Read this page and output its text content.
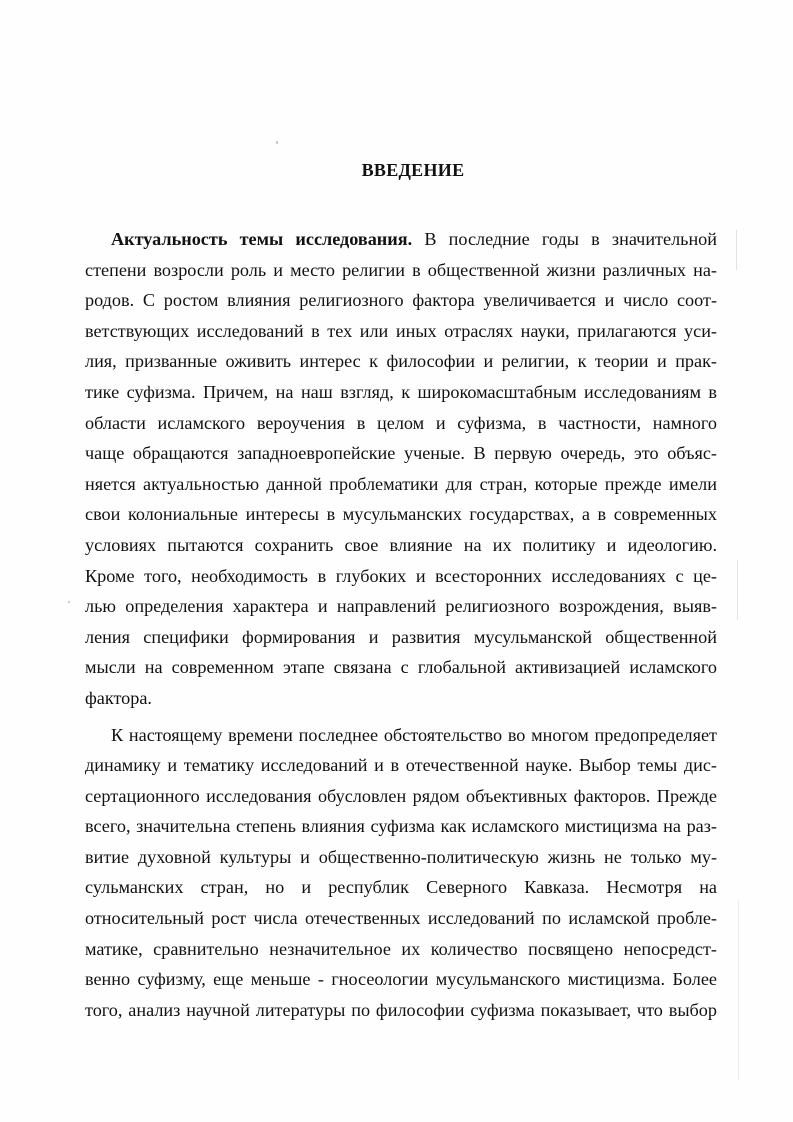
ВВЕДЕНИЕ
Актуальность темы исследования. В последние годы в значительной
степени возросли роль и место религии в общественной жизни различных на-
родов. С ростом влияния религиозного фактора увеличивается и число соот-
ветствующих исследований в тех или иных отраслях науки, прилагаются уси-
лия, призванные оживить интерес к философии и религии, к теории и прак-
тике суфизма. Причем, на наш взгляд, к широкомасштабным исследованиям в
области исламского вероучения в целом и суфизма, в частности, намного
чаще обращаются западноевропейские ученые. В первую очередь, это объяс-
няется актуальностью данной проблематики для стран, которые прежде имели
свои колониальные интересы в мусульманских государствах, а в современных
условиях пытаются сохранить свое влияние на их политику и идеологию.
Кроме того, необходимость в глубоких и всесторонних исследованиях с це-
лью определения характера и направлений религиозного возрождения, выяв-
ления специфики формирования и развития мусульманской общественной
мысли на современном этапе связана с глобальной активизацией исламского
фактора.
К настоящему времени последнее обстоятельство во многом предопределяет
динамику и тематику исследований и в отечественной науке. Выбор темы дис-
сертационного исследования обусловлен рядом объективных факторов. Прежде
всего, значительна степень влияния суфизма как исламского мистицизма на раз-
витие духовной культуры и общественно-политическую жизнь не только му-
сульманских стран, но и республик Северного Кавказа. Несмотря на
относительный рост числа отечественных исследований по исламской пробле-
матике, сравнительно незначительное их количество посвящено непосредст-
венно суфизму, еще меньше - гносеологии мусульманского мистицизма. Более
того, анализ научной литературы по философии суфизма показывает, что выбор
